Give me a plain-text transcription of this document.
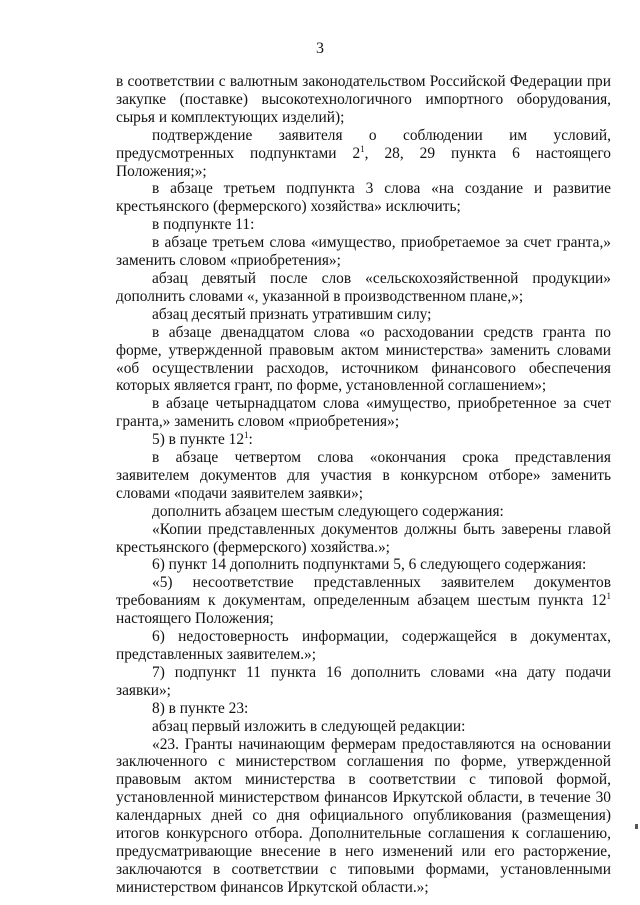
3

в соответствии с валютным законодательством Российской Федерации при закупке (поставке) высокотехнологичного импортного оборудования, сырья и комплектующих изделий);

подтверждение заявителя о соблюдении им условий, предусмотренных подпунктами $2^1$, 28, 29 пункта 6 настоящего Положения;»;

в абзаце третьем подпункта 3 слова «на создание и развитие крестьянского (фермерского) хозяйства» исключить;

в подпункте 11:

в абзаце третьем слова «имущество, приобретаемое за счет гранта,» заменить словом «приобретения»;

абзац девятый после слов «сельскохозяйственной продукции» дополнить словами «, указанной в производственном плане,»;

абзац десятый признать утратившим силу;

в абзаце двенадцатом слова «о расходовании средств гранта по форме, утвержденной правовым актом министерства» заменить словами «об осуществлении расходов, источником финансового обеспечения которых является грант, по форме, установленной соглашением»;

в абзаце четырнадцатом слова «имущество, приобретенное за счет гранта,» заменить словом «приобретения»;

5) в пункте $12^1$:

в абзаце четвертом слова «окончания срока представления заявителем документов для участия в конкурсном отборе» заменить словами «подачи заявителем заявки»;

дополнить абзацем шестым следующего содержания:

«Копии представленных документов должны быть заверены главой крестьянского (фермерского) хозяйства.»;

6) пункт 14 дополнить подпунктами 5, 6 следующего содержания:

«5) несоответствие представленных заявителем документов требованиям к документам, определенным абзацем шестым пункта $12^1$ настоящего Положения;

6) недостоверность информации, содержащейся в документах, представленных заявителем.»;

7) подпункт 11 пункта 16 дополнить словами «на дату подачи заявки»;

8) в пункте 23:

абзац первый изложить в следующей редакции:

«23. Гранты начинающим фермерам предоставляются на основании заключенного с министерством соглашения по форме, утвержденной правовым актом министерства в соответствии с типовой формой, установленной министерством финансов Иркутской области, в течение 30 календарных дней со дня официального опубликования (размещения) итогов конкурсного отбора. Дополнительные соглашения к соглашению, предусматривающие внесение в него изменений или его расторжение, заключаются в соответствии с типовыми формами, установленными министерством финансов Иркутской области.»;
